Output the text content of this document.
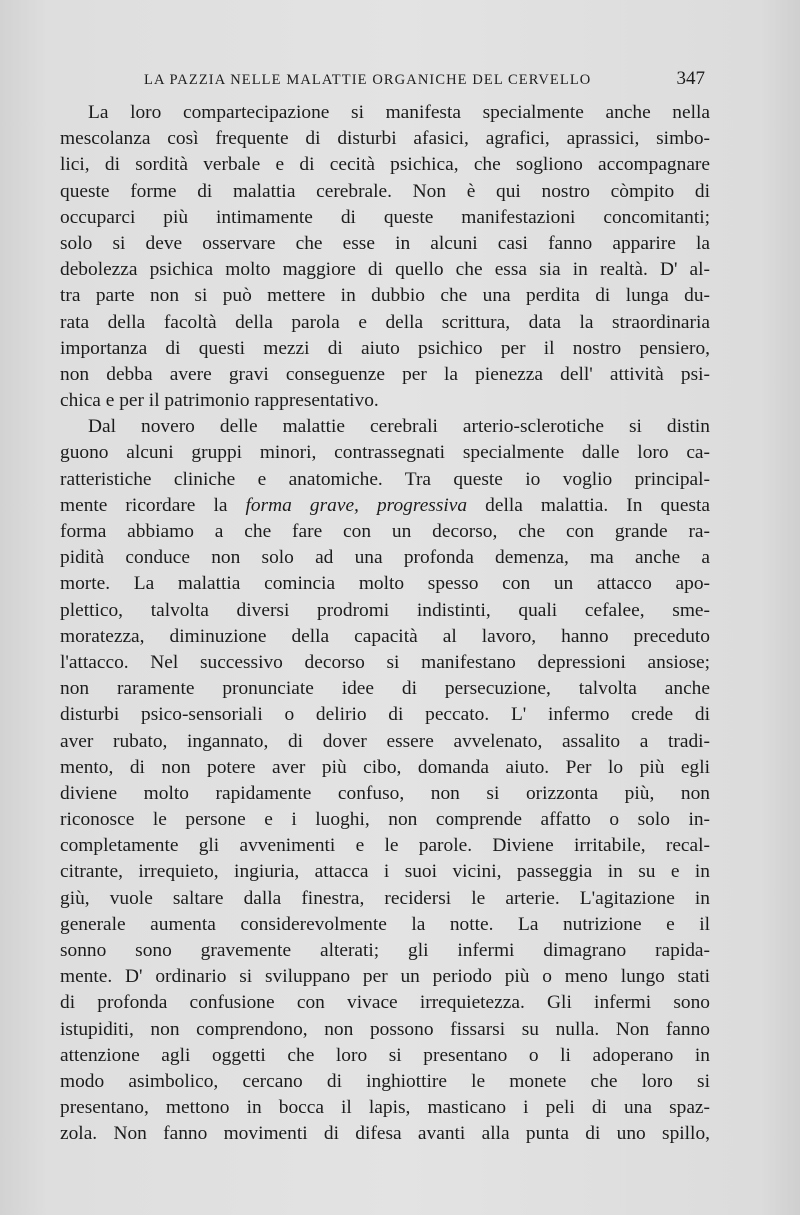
LA PAZZIA NELLE MALATTIE ORGANICHE DEL CERVELLO	347
La loro compartecipazione si manifesta specialmente anche nella
mescolanza così frequente di disturbi afasici, agrafici, aprassici, simbo-
lici, di sordità verbale e di cecità psichica, che sogliono accompagnare
queste forme di malattia cerebrale. Non è qui nostro còmpito di
occuparci più intimamente di queste manifestazioni concomitanti;
solo si deve osservare che esse in alcuni casi fanno apparire la
debolezza psichica molto maggiore di quello che essa sia in realtà. D' al-
tra parte non si può mettere in dubbio che una perdita di lunga du-
rata della facoltà della parola e della scrittura, data la straordinaria
importanza di questi mezzi di aiuto psichico per il nostro pensiero,
non debba avere gravi conseguenze per la pienezza dell' attività psi-
chica e per il patrimonio rappresentativo.
Dal novero delle malattie cerebrali arterio-sclerotiche si distin
guono alcuni gruppi minori, contrassegnati specialmente dalle loro ca-
ratteristiche cliniche e anatomiche. Tra queste io voglio principal-
mente ricordare la forma grave, progressiva della malattia. In questa
forma abbiamo a che fare con un decorso, che con grande ra-
pidità conduce non solo ad una profonda demenza, ma anche a
morte. La malattia comincia molto spesso con un attacco apo-
plettico, talvolta diversi prodromi indistinti, quali cefalee, sme-
moratezza, diminuzione della capacità al lavoro, hanno preceduto
l'attacco. Nel successivo decorso si manifestano depressioni ansiose;
non raramente pronunciate idee di persecuzione, talvolta anche
disturbi psico-sensoriali o delirio di peccato. L' infermo crede di
aver rubato, ingannato, di dover essere avvelenato, assalito a tradi-
mento, di non potere aver più cibo, domanda aiuto. Per lo più egli
diviene molto rapidamente confuso, non si orizzonta più, non
riconosce le persone e i luoghi, non comprende affatto o solo in-
completamente gli avvenimenti e le parole. Diviene irritabile, recal-
citrante, irrequieto, ingiuria, attacca i suoi vicini, passeggia in su e in
giù, vuole saltare dalla finestra, recidersi le arterie. L'agitazione in
generale aumenta considerevolmente la notte. La nutrizione e il
sonno sono gravemente alterati; gli infermi dimagrano rapida-
mente. D' ordinario si sviluppano per un periodo più o meno lungo stati
di profonda confusione con vivace irrequietezza. Gli infermi sono
istupiditi, non comprendono, non possono fissarsi su nulla. Non fanno
attenzione agli oggetti che loro si presentano o li adoperano in
modo asimbolico, cercano di inghiottire le monete che loro si
presentano, mettono in bocca il lapis, masticano i peli di una spaz-
zola. Non fanno movimenti di difesa avanti alla punta di uno spillo,
